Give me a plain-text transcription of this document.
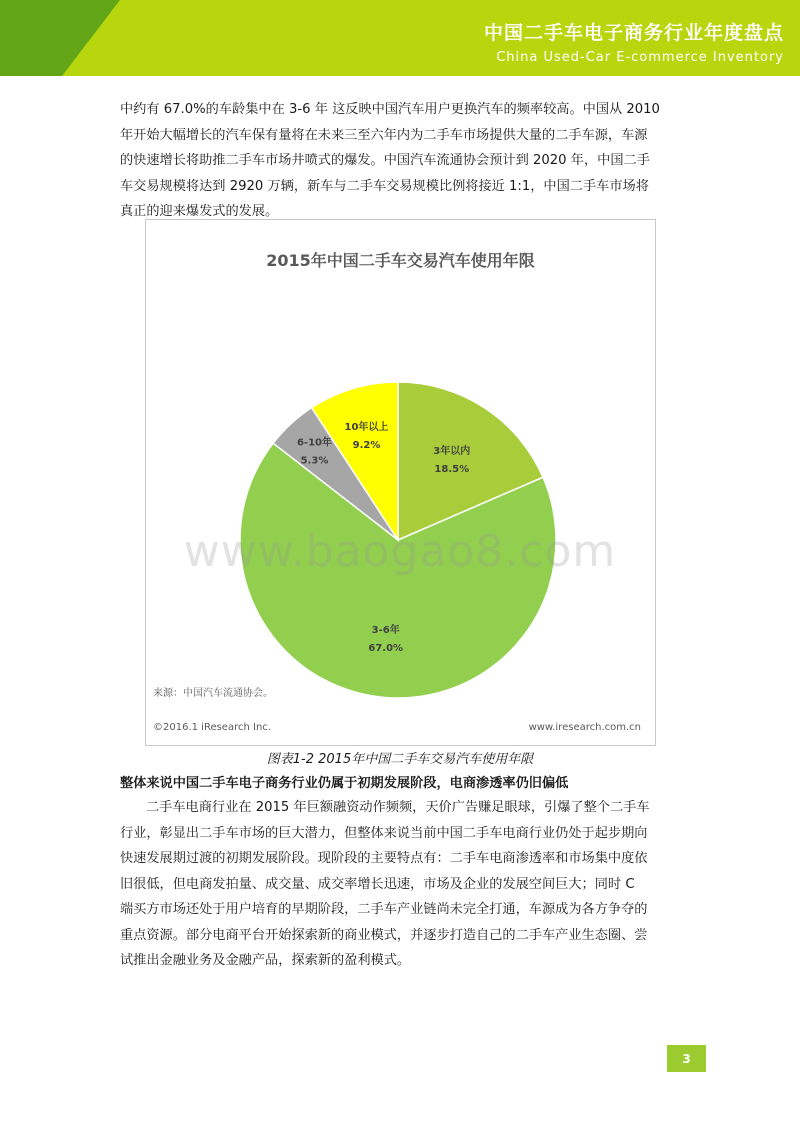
中国二手车电子商务行业年度盘点
China Used-Car E-commerce Inventory
中约有 67.0%的车龄集中在 3-6 年 这反映中国汽车用户更换汽车的频率较高。中国从 2010
年开始大幅增长的汽车保有量将在未来三至六年内为二手车市场提供大量的二手车源，车源
的快速增长将助推二手车市场井喷式的爆发。中国汽车流通协会预计到 2020 年，中国二手
车交易规模将达到 2920 万辆，新车与二手车交易规模比例将接近 1:1，中国二手车市场将
真正的迎来爆发式的发展。
2015年中国二手车交易汽车使用年限
3年以内
18.5%
3-6年
67.0%
6-10年
5.3%
10年以上
9.2%
来源：中国汽车流通协会。
©2016.1 iResearch Inc.	www.iresearch.com.cn
www.baogao8.com
图表1-2 2015年中国二手车交易汽车使用年限
整体来说中国二手车电子商务行业仍属于初期发展阶段，电商渗透率仍旧偏低
二手车电商行业在 2015 年巨额融资动作频频，天价广告赚足眼球，引爆了整个二手车
行业，彰显出二手车市场的巨大潜力，但整体来说当前中国二手车电商行业仍处于起步期向
快速发展期过渡的初期发展阶段。现阶段的主要特点有：二手车电商渗透率和市场集中度依
旧很低，但电商发拍量、成交量、成交率增长迅速，市场及企业的发展空间巨大；同时 C
端买方市场还处于用户培育的早期阶段，二手车产业链尚未完全打通，车源成为各方争夺的
重点资源。部分电商平台开始探索新的商业模式，并逐步打造自己的二手车产业生态圈、尝
试推出金融业务及金融产品，探索新的盈利模式。
3
